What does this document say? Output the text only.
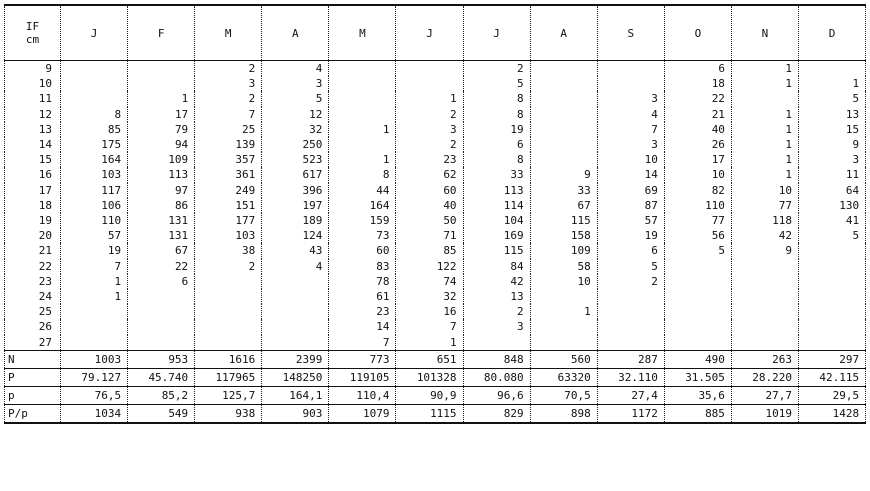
IF
cm	J	F	M	A	M	J	J	A	S	O	N	D
9			2	4			2			6	1	
10			3	3			5			18	1	1
11		1	2	5		1	8		3	22		5
12	8	17	7	12		2	8		4	21	1	13
13	85	79	25	32	1	3	19		7	40	1	15
14	175	94	139	250		2	6		3	26	1	9
15	164	109	357	523	1	23	8		10	17	1	3
16	103	113	361	617	8	62	33	9	14	10	1	11
17	117	97	249	396	44	60	113	33	69	82	10	64
18	106	86	151	197	164	40	114	67	87	110	77	130
19	110	131	177	189	159	50	104	115	57	77	118	41
20	57	131	103	124	73	71	169	158	19	56	42	5
21	19	67	38	43	60	85	115	109	6	5	9	
22	7	22	2	4	83	122	84	58	5			
23	1	6			78	74	42	10	2			
24	1				61	32	13					
25					23	16	2	1				
26					14	7	3					
27					7	1						
N	1003	953	1616	2399	773	651	848	560	287	490	263	297
P	79.127	45.740	117965	148250	119105	101328	80.080	63320	32.110	31.505	28.220	42.115
p	76,5	85,2	125,7	164,1	110,4	90,9	96,6	70,5	27,4	35,6	27,7	29,5
P/p	1034	549	938	903	1079	1115	829	898	1172	885	1019	1428
